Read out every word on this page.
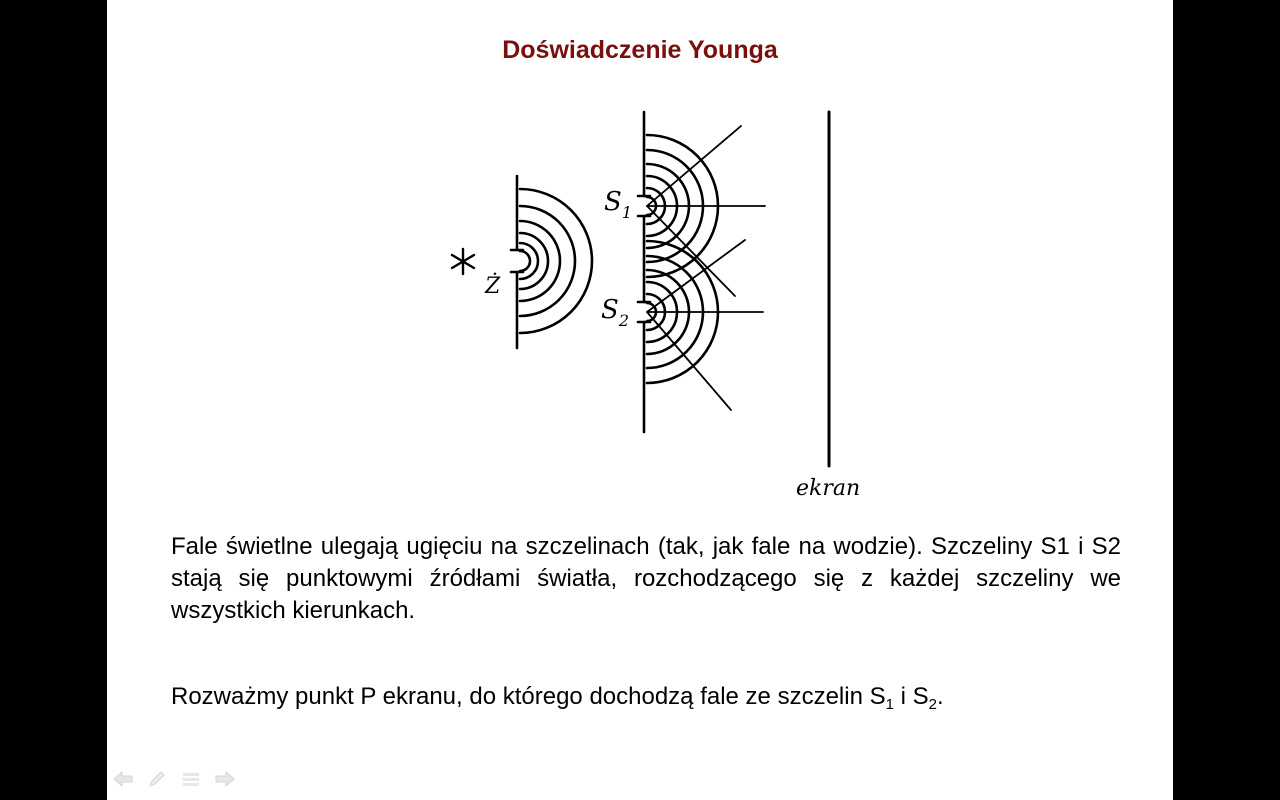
Doświadczenie Younga
Ż
$S_1$
$S_2$
ekran
Fale świetlne ulegają ugięciu na szczelinach (tak, jak fale na wodzie). Szczeliny S1 i S2 stają się punktowymi źródłami światła, rozchodzącego się z każdej szczeliny we wszystkich kierunkach.
Rozważmy punkt P ekranu, do którego dochodzą fale ze szczelin $S_1$ i $S_2$.
